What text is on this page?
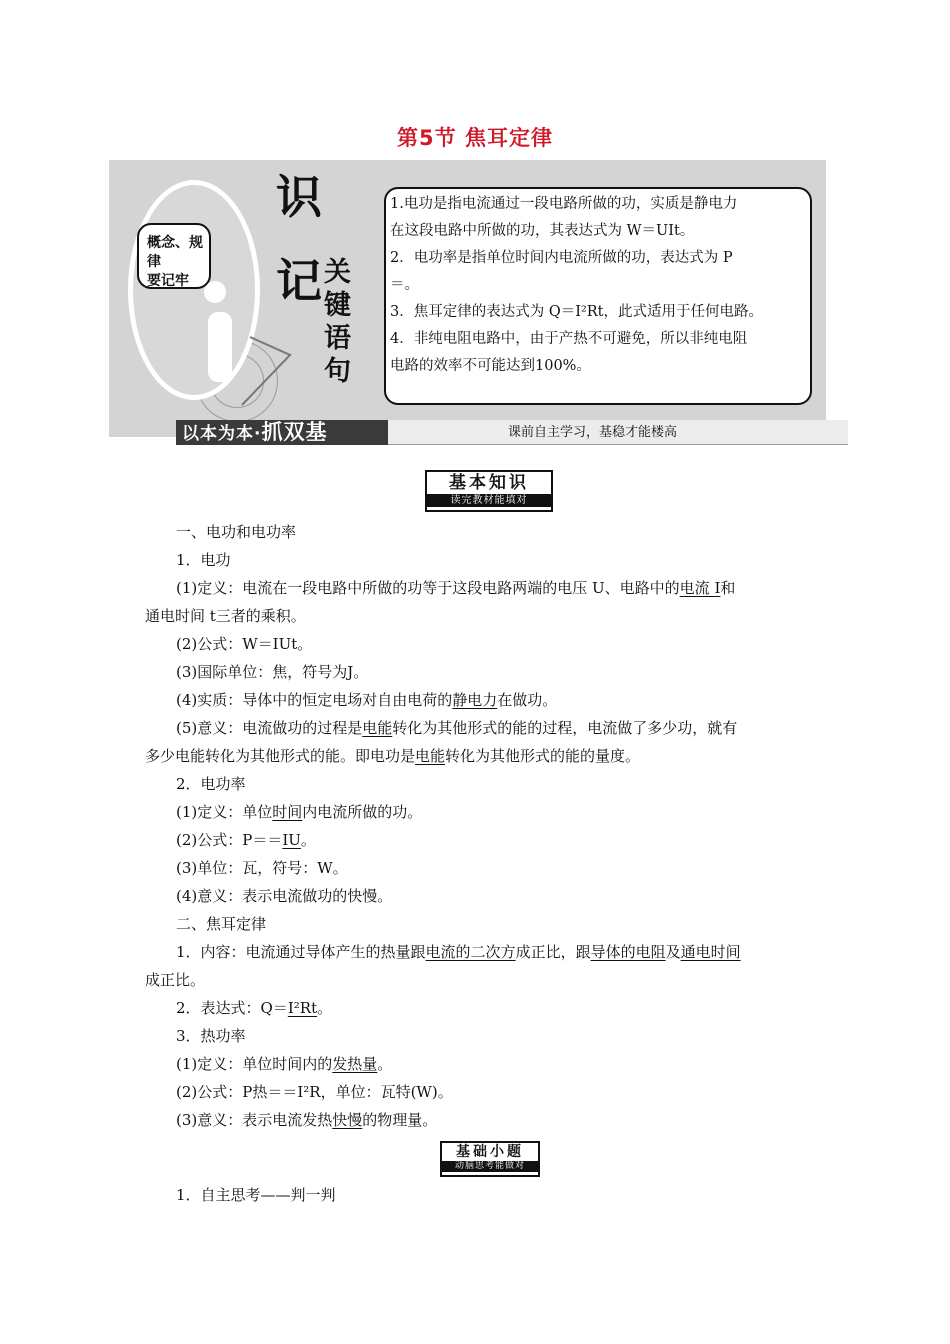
第5节 焦耳定律
概念、规律
要记牢
识
记 关
键
语
句

1.电功是指电流通过一段电路所做的功，实质是静电力

在这段电路中所做的功，其表达式为 W＝UIt。

2．电功率是指单位时间内电流所做的功，表达式为 P

＝。

3．焦耳定律的表达式为 Q＝I²Rt，此式适用于任何电路。

4．非纯电阻电路中，由于产热不可避免，所以非纯电阻

电路的效率不可能达到100%。

以本为本·抓双基	课前自主学习，基稳才能楼高
基本知识
读完教材能填对
一、电功和电功率
1．电功
(1)定义：电流在一段电路中所做的功等于这段电路两端的电压 U、电路中的电流 I和
通电时间 t三者的乘积。
(2)公式：W＝IUt。
(3)国际单位：焦，符号为J。
(4)实质：导体中的恒定电场对自由电荷的静电力在做功。
(5)意义：电流做功的过程是电能转化为其他形式的能的过程，电流做了多少功，就有
多少电能转化为其他形式的能。即电功是电能转化为其他形式的能的量度。
2．电功率
(1)定义：单位时间内电流所做的功。
(2)公式：P＝＝IU。
(3)单位：瓦，符号：W。
(4)意义：表示电流做功的快慢。
二、焦耳定律
1．内容：电流通过导体产生的热量跟电流的二次方成正比，跟导体的电阻及通电时间
成正比。
2．表达式：Q＝I²Rt。
3．热功率
(1)定义：单位时间内的发热量。
(2)公式：P热＝＝I²R，单位：瓦特(W)。
(3)意义：表示电流发热快慢的物理量。
基础小题
动脑思考能做对
1．自主思考——判一判
